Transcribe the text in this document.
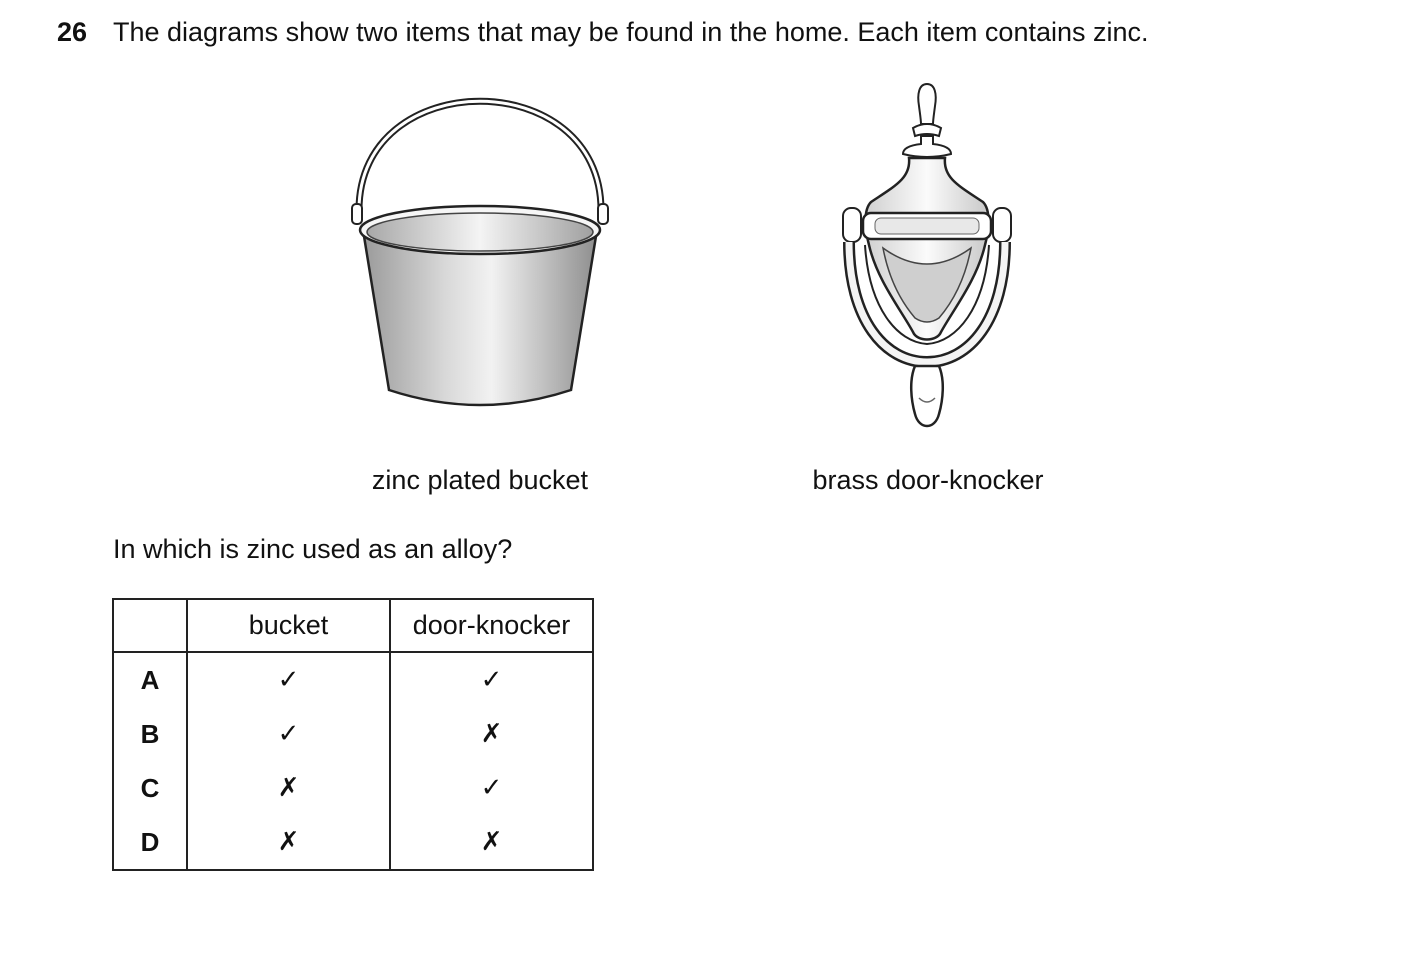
26 The diagrams show two items that may be found in the home. Each item contains zinc.
zinc plated bucket	brass door-knocker
In which is zinc used as an alloy?
	bucket	door-knocker
A	✓	✓
B	✓	✗
C	✗	✓
D	✗	✗
